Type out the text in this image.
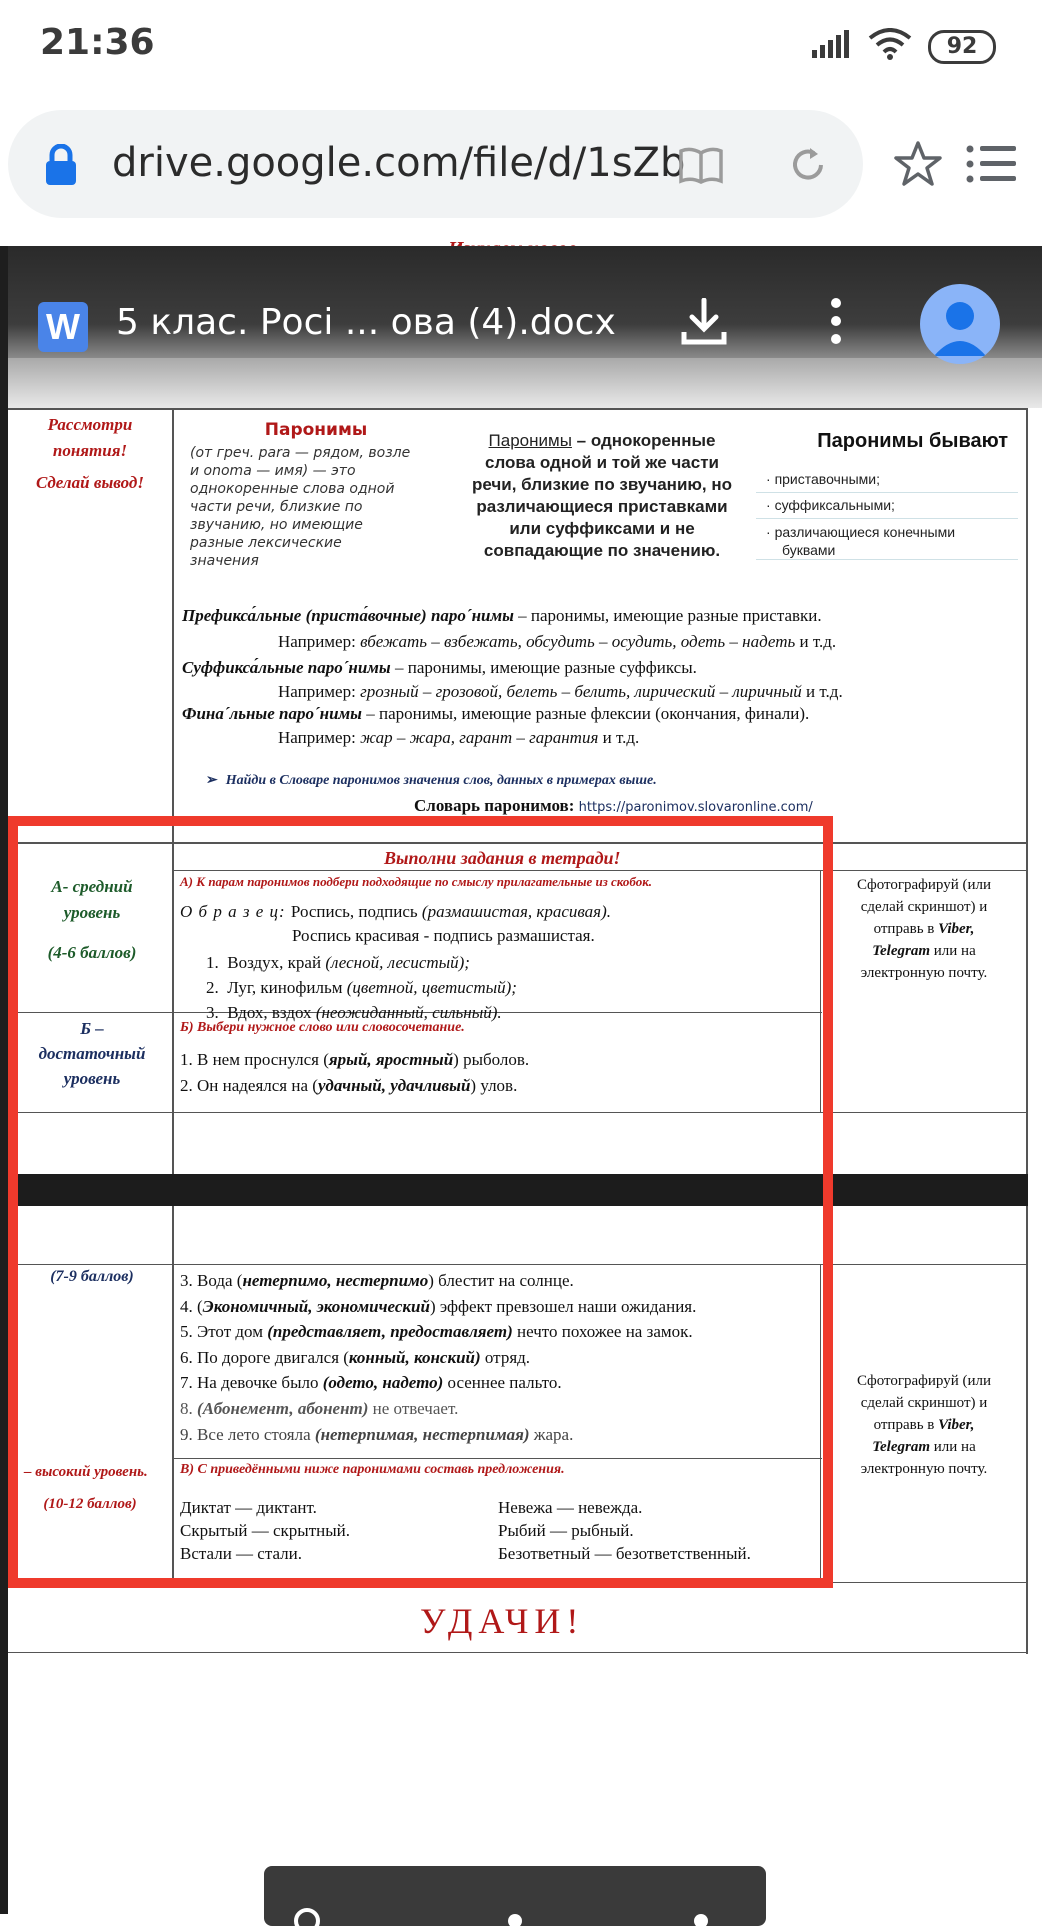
21:36	92
drive.google.com/file/d/1sZb
W 5 клас. Росі ... ова (4).docx
Рассмотри
понятия!
Сделай вывод!
Паронимы
(от греч. para — рядом, возле
и onoma — имя) — это
однокоренные слова одной
части речи, близкие по
звучанию, но имеющие
разные лексические
значения
Паронимы – однокоренные
слова одной и той же части
речи, близкие по звучанию, но
различающиеся приставками
или суффиксами и не
совпадающие по значению.
Паронимы бывают
· приставочными;
· суффиксальными;
· различающиеся конечными
буквами
Префикса́льные (приста́вочные) пароˊнимы – паронимы, имеющие разные приставки.
Например: вбежать – взбежать, обсудить – осудить, одеть – надеть и т.д.
Суффикса́льные пароˊнимы – паронимы, имеющие разные суффиксы.
Например: грозный – грозовой, белеть – белить, лирический – лиричный и т.д.
Финаˊльные пароˊнимы – паронимы, имеющие разные флексии (окончания, финали).
Например: жар – жара, гарант – гарантия и т.д.
➢ Найди в Словаре паронимов значения слов, данных в примерах выше.
Словарь паронимов: https://paronimov.slovaronline.com/
Выполни задания в тетради!
А- средний
уровень
(4-6 баллов)
А) К парам паронимов подбери подходящие по смыслу прилагательные из скобок.
О б р а з е ц: Роспись, подпись (размашистая, красивая).
Роспись красивая - подпись размашистая.
1. Воздух, край (лесной, лесистый);
2. Луг, кинофильм (цветной, цветистый);
3. Вдох, вздох (неожиданный, сильный).
Сфотографируй (или
сделай скриншот) и
отправь в Viber,
Telegram или на
электронную почту.
Б –
достаточный
уровень
Б) Выбери нужное слово или словосочетание.
1. В нем проснулся (ярый, яростный) рыболов.
2. Он надеялся на (удачный, удачливый) улов.
(7-9 баллов)	3. Вода (нетерпимо, нестерпимо) блестит на солнце.
4. (Экономичный, экономический) эффект превзошел наши ожидания.
5. Этот дом (представляет, предоставляет) нечто похожее на замок.
6. По дороге двигался (конный, конский) отряд.
7. На девочке было (одето, надето) осеннее пальто.
8. (Абонемент, абонент) не отвечает.
9. Все лето стояла (нетерпимая, нестерпимая) жара.
Сфотографируй (или
сделай скриншот) и
отправь в Viber,
Telegram или на
электронную почту.
– высокий уровень.
(10-12 баллов)
В) С приведёнными ниже паронимами составь предложения.
Диктат — диктант.
Скрытый — скрытный.
Встали — стали.
Невежа — невежда.
Рыбий — рыбный.
Безответный — безответственный.
УДАЧИ!
